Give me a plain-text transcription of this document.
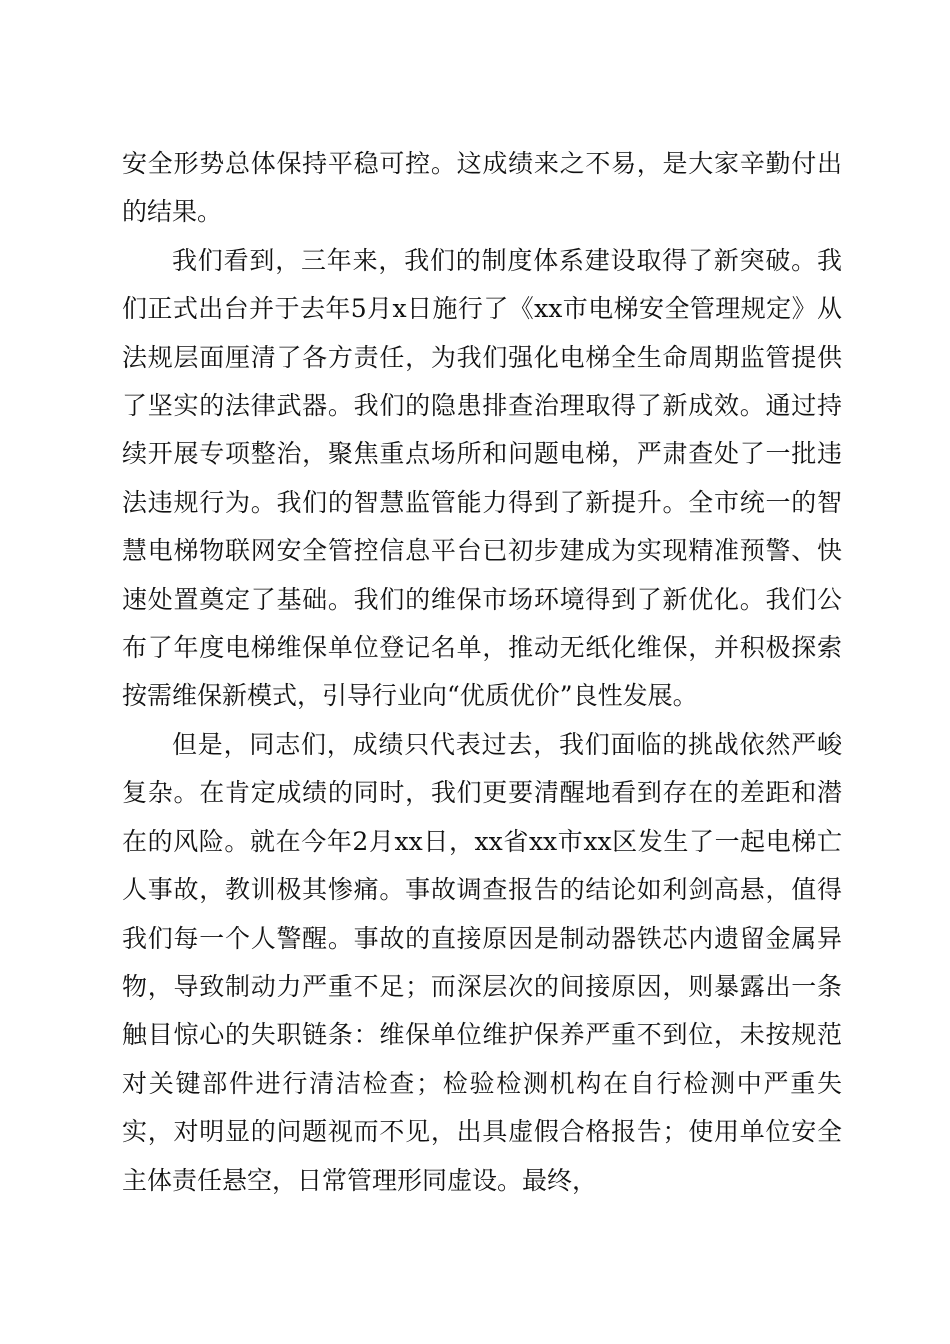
安全形势总体保持平稳可控。这成绩来之不易，是大家辛勤付出的结果。

我们看到，三年来，我们的制度体系建设取得了新突破。我们正式出台并于去年5月x日施行了《xx市电梯安全管理规定》从法规层面厘清了各方责任，为我们强化电梯全生命周期监管提供了坚实的法律武器。我们的隐患排查治理取得了新成效。通过持续开展专项整治，聚焦重点场所和问题电梯，严肃查处了一批违法违规行为。我们的智慧监管能力得到了新提升。全市统一的智慧电梯物联网安全管控信息平台已初步建成为实现精准预警、快速处置奠定了基础。我们的维保市场环境得到了新优化。我们公布了年度电梯维保单位登记名单，推动无纸化维保，并积极探索按需维保新模式，引导行业向“优质优价”良性发展。

但是，同志们，成绩只代表过去，我们面临的挑战依然严峻复杂。在肯定成绩的同时，我们更要清醒地看到存在的差距和潜在的风险。就在今年2月xx日，xx省xx市xx区发生了一起电梯亡人事故，教训极其惨痛。事故调查报告的结论如利剑高悬，值得我们每一个人警醒。事故的直接原因是制动器铁芯内遗留金属异物，导致制动力严重不足；而深层次的间接原因，则暴露出一条触目惊心的失职链条：维保单位维护保养严重不到位，未按规范对关键部件进行清洁检查；检验检测机构在自行检测中严重失实，对明显的问题视而不见，出具虚假合格报告；使用单位安全主体责任悬空，日常管理形同虚设。最终，
